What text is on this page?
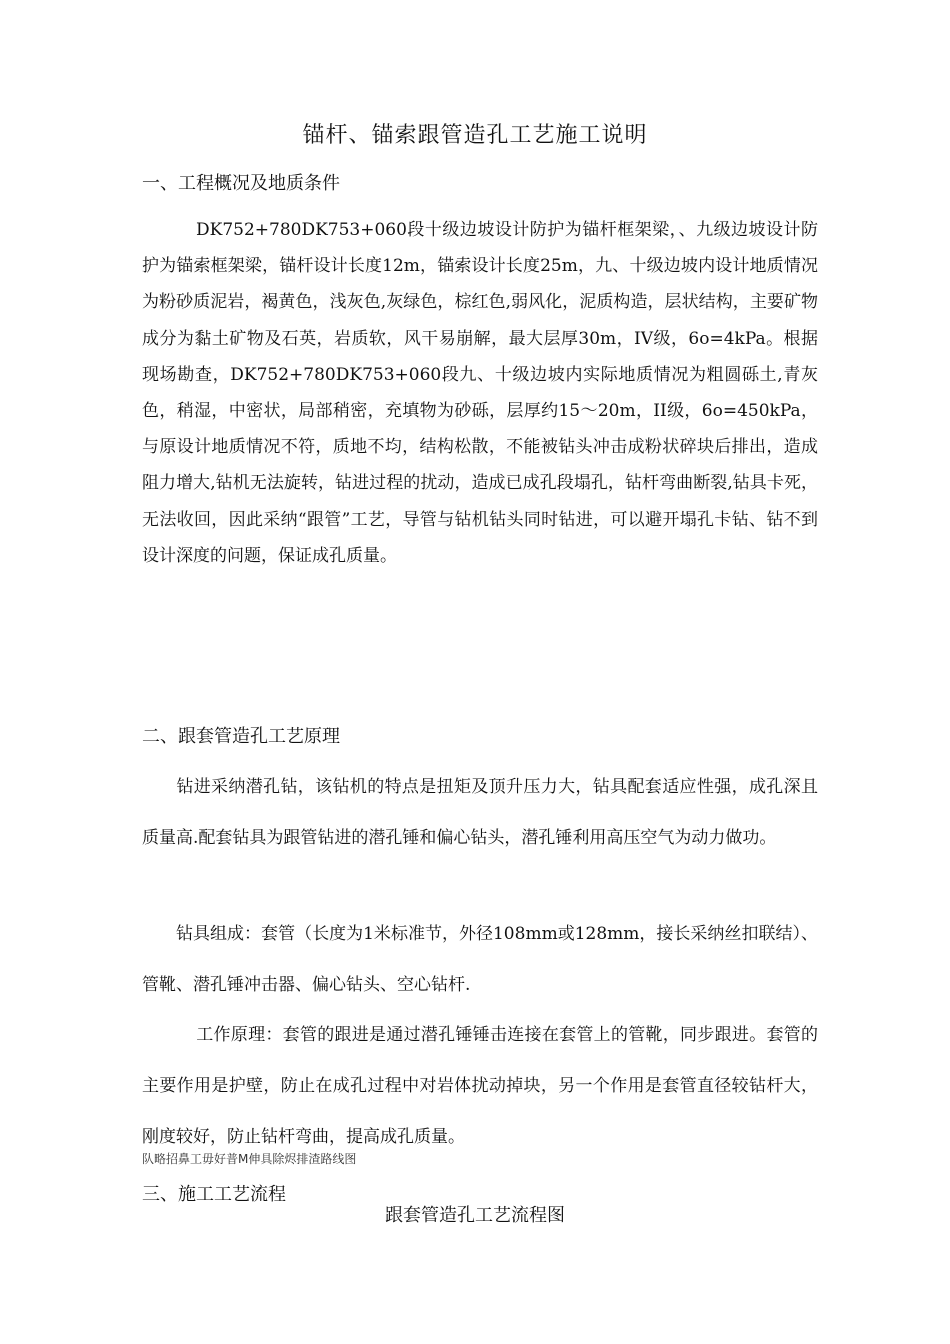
锚杆、锚索跟管造孔工艺施工说明
一、工程概况及地质条件
DK752+780DK753+060段十级边坡设计防护为锚杆框架梁，、九级边坡设计防护为锚索框架梁，锚杆设计长度12m，锚索设计长度25m，九、十级边坡内设计地质情况为粉砂质泥岩，褐黄色，浅灰色,灰绿色，棕红色,弱风化，泥质构造，层状结构，主要矿物成分为黏土矿物及石英，岩质软，风干易崩解，最大层厚30m，IV级，6o=4kPa。根据现场勘查，DK752+780DK753+060段九、十级边坡内实际地质情况为粗圆砾土,青灰色，稍湿，中密状，局部稍密，充填物为砂砾，层厚约15〜20m，II级，6o=450kPa，与原设计地质情况不符，质地不均，结构松散，不能被钻头冲击成粉状碎块后排出，造成阻力增大,钻机无法旋转，钻进过程的扰动，造成已成孔段塌孔，钻杆弯曲断裂,钻具卡死，无法收回，因此采纳“跟管”工艺，导管与钻机钻头同时钻进，可以避开塌孔卡钻、钻不到设计深度的问题，保证成孔质量。
二、跟套管造孔工艺原理
钻进采纳潜孔钻，该钻机的特点是扭矩及顶升压力大，钻具配套适应性强，成孔深且质量高.配套钻具为跟管钻进的潜孔锤和偏心钻头，潜孔锤利用高压空气为动力做功。
钻具组成：套管（长度为1米标准节，外径108mm或128mm，接长采纳丝扣联结）、管靴、潜孔锤冲击器、偏心钻头、空心钻杆.
工作原理：套管的跟进是通过潜孔锤锤击连接在套管上的管靴，同步跟进。套管的主要作用是护壁，防止在成孔过程中对岩体扰动掉块，另一个作用是套管直径较钻杆大，刚度较好，防止钻杆弯曲，提高成孔质量。
队略招鼻工毋好普M伸具除烬排渣路线图
三、施工工艺流程
跟套管造孔工艺流程图
